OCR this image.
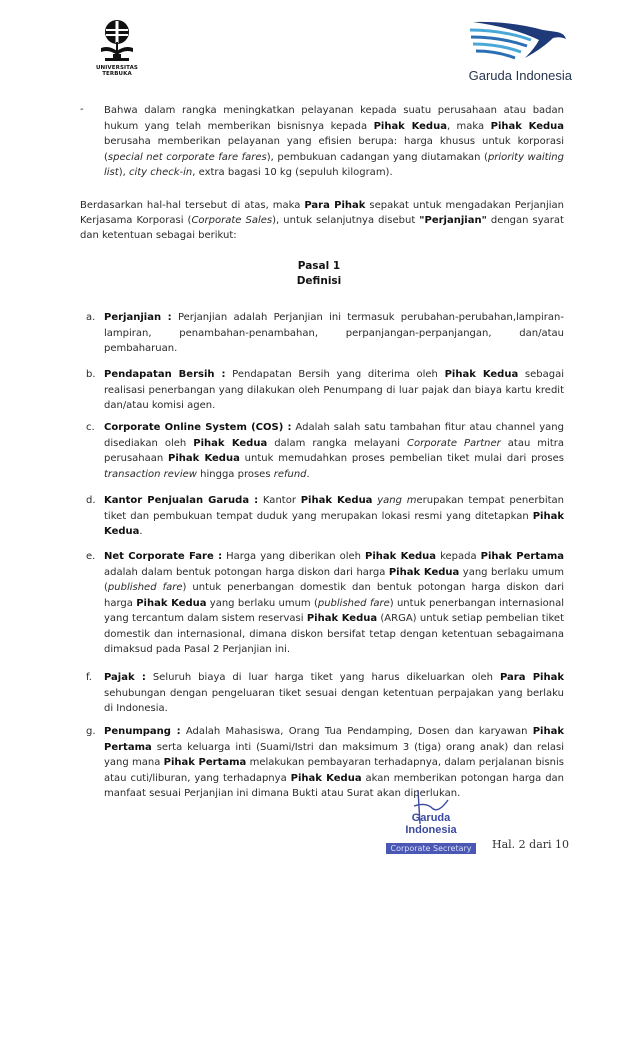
UNIVERSITAS TERBUKA	Garuda Indonesia
- Bahwa dalam rangka meningkatkan pelayanan kepada suatu perusahaan atau badan hukum yang telah memberikan bisnisnya kepada Pihak Kedua, maka Pihak Kedua berusaha memberikan pelayanan yang efisien berupa: harga khusus untuk korporasi (special net corporate fare fares), pembukuan cadangan yang diutamakan (priority waiting list), city check-in, extra bagasi 10 kg (sepuluh kilogram).
Berdasarkan hal-hal tersebut di atas, maka Para Pihak sepakat untuk mengadakan Perjanjian Kerjasama Korporasi (Corporate Sales), untuk selanjutnya disebut "Perjanjian" dengan syarat dan ketentuan sebagai berikut:
Pasal 1
Definisi
a. Perjanjian : Perjanjian adalah Perjanjian ini termasuk perubahan-perubahan,lampiran-lampiran, penambahan-penambahan, perpanjangan-perpanjangan, dan/atau pembaharuan.
b. Pendapatan Bersih : Pendapatan Bersih yang diterima oleh Pihak Kedua sebagai realisasi penerbangan yang dilakukan oleh Penumpang di luar pajak dan biaya kartu kredit dan/atau komisi agen.
c. Corporate Online System (COS) : Adalah salah satu tambahan fitur atau channel yang disediakan oleh Pihak Kedua dalam rangka melayani Corporate Partner atau mitra perusahaan Pihak Kedua untuk memudahkan proses pembelian tiket mulai dari proses transaction review hingga proses refund.
d. Kantor Penjualan Garuda : Kantor Pihak Kedua yang merupakan tempat penerbitan tiket dan pembukuan tempat duduk yang merupakan lokasi resmi yang ditetapkan Pihak Kedua.
e. Net Corporate Fare : Harga yang diberikan oleh Pihak Kedua kepada Pihak Pertama adalah dalam bentuk potongan harga diskon dari harga Pihak Kedua yang berlaku umum (published fare) untuk penerbangan domestik dan bentuk potongan harga diskon dari harga Pihak Kedua yang berlaku umum (published fare) untuk penerbangan internasional yang tercantum dalam sistem reservasi Pihak Kedua (ARGA) untuk setiap pembelian tiket domestik dan internasional, dimana diskon bersifat tetap dengan ketentuan sebagaimana dimaksud pada Pasal 2 Perjanjian ini.
f. Pajak : Seluruh biaya di luar harga tiket yang harus dikeluarkan oleh Para Pihak sehubungan dengan pengeluaran tiket sesuai dengan ketentuan perpajakan yang berlaku di Indonesia.
g. Penumpang : Adalah Mahasiswa, Orang Tua Pendamping, Dosen dan karyawan Pihak Pertama serta keluarga inti (Suami/Istri dan maksimum 3 (tiga) orang anak) dan relasi yang mana Pihak Pertama melakukan pembayaran terhadapnya, dalam perjalanan bisnis atau cuti/liburan, yang terhadapnya Pihak Kedua akan memberikan potongan harga dan manfaat sesuai Perjanjian ini dimana Bukti atau Surat akan diperlukan.
Garuda Indonesia
Corporate Secretary	Hal. 2 dari 10
